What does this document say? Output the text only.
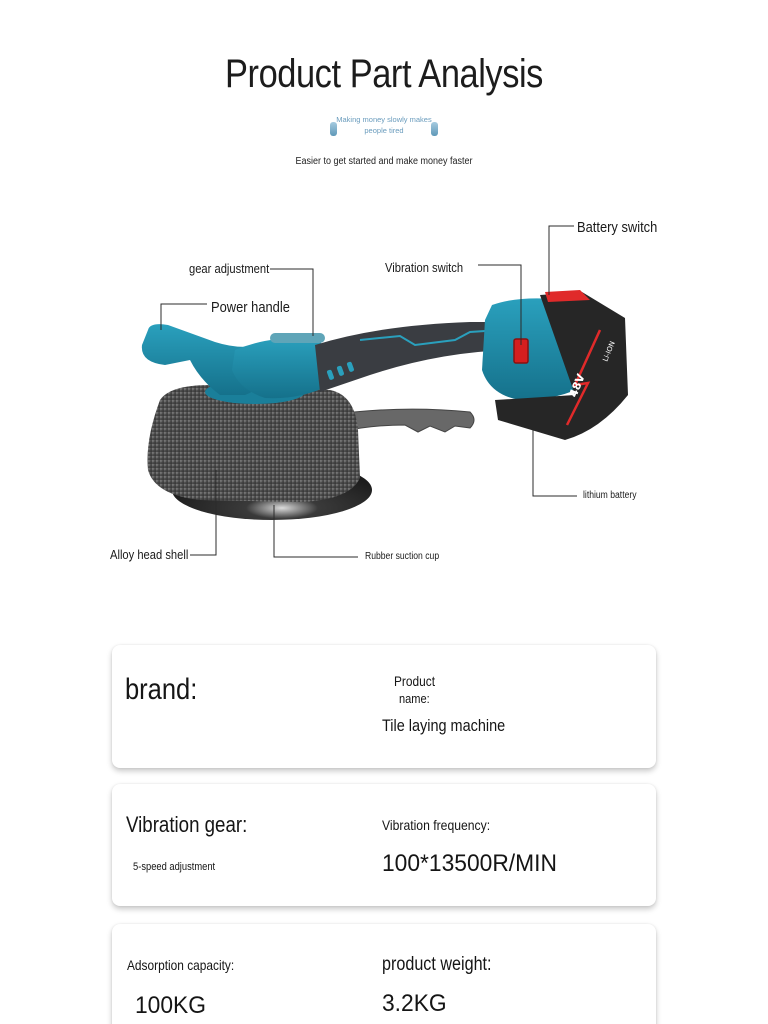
Product Part Analysis
Making money slowly makes
people tired
Easier to get started and make money faster
48V
Li-ION
gear adjustment
Power handle
Vibration switch
Battery switch
lithium battery
Alloy head shell	Rubber suction cup
brand:	Product
name:
Tile laying machine
Vibration gear:
5-speed adjustment
Vibration frequency:
100*13500R/MIN
Adsorption capacity:
100KG
product weight:
3.2KG
